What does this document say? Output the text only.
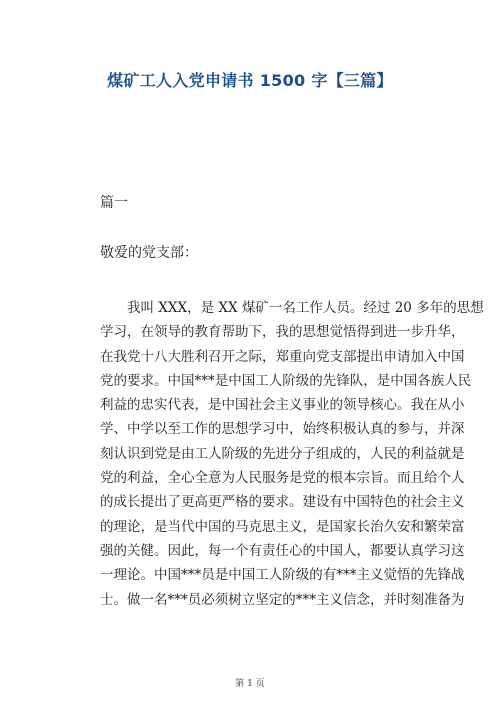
煤矿工人入党申请书 1500 字【三篇】
篇一
敬爱的党支部：
　　我叫 XXX，是 XX 煤矿一名工作人员。经过 20 多年的思想
学习，在领导的教育帮助下，我的思想觉悟得到进一步升华，
在我党十八大胜利召开之际，郑重向党支部提出申请加入中国
党的要求。中国***是中国工人阶级的先锋队，是中国各族人民
利益的忠实代表，是中国社会主义事业的领导核心。我在从小
学、中学以至工作的思想学习中，始终积极认真的参与，并深
刻认识到党是由工人阶级的先进分子组成的，人民的利益就是
党的利益，全心全意为人民服务是党的根本宗旨。而且给个人
的成长提出了更高更严格的要求。建设有中国特色的社会主义
的理论，是当代中国的马克思主义，是国家长治久安和繁荣富
强的关健。因此，每一个有责任心的中国人，都要认真学习这
一理论。中国***员是中国工人阶级的有***主义觉悟的先锋战
士。做一名***员必须树立坚定的***主义信念，并时刻准备为
第 1 页
